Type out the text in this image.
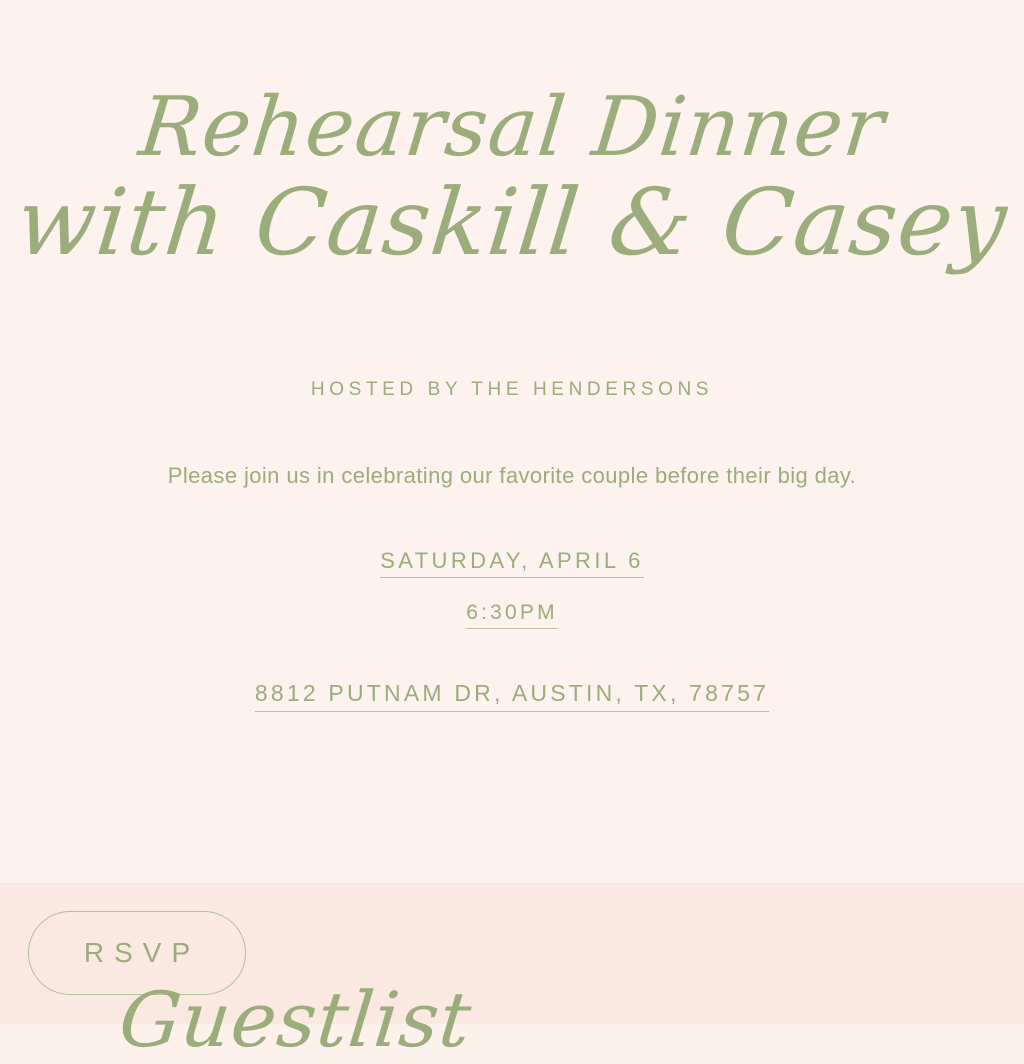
Rehearsal Dinner
with Caskill & Casey
HOSTED BY THE HENDERSONS
Please join us in celebrating our favorite couple before their big day.
SATURDAY, APRIL 6
6:30PM
8812 PUTNAM DR, AUSTIN, TX, 78757
RSVP
Guestlist
